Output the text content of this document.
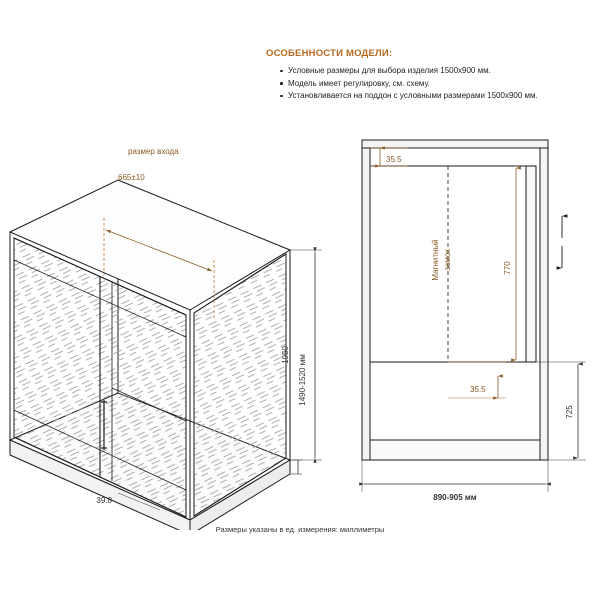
ОСОБЕННОСТИ МОДЕЛИ:
Условные размеры для выбора изделия 1500х900 мм.
Модель имеет регулировку, см. схему.
Установливается на поддон с условными размерами 1500х900 мм.
размер входа
665±10
1490-1520 мм
1950
39.8
35.5
35.5
Магнитный замок	770
725
890-905 мм
Размеры указаны в ед. измерения: миллиметры
